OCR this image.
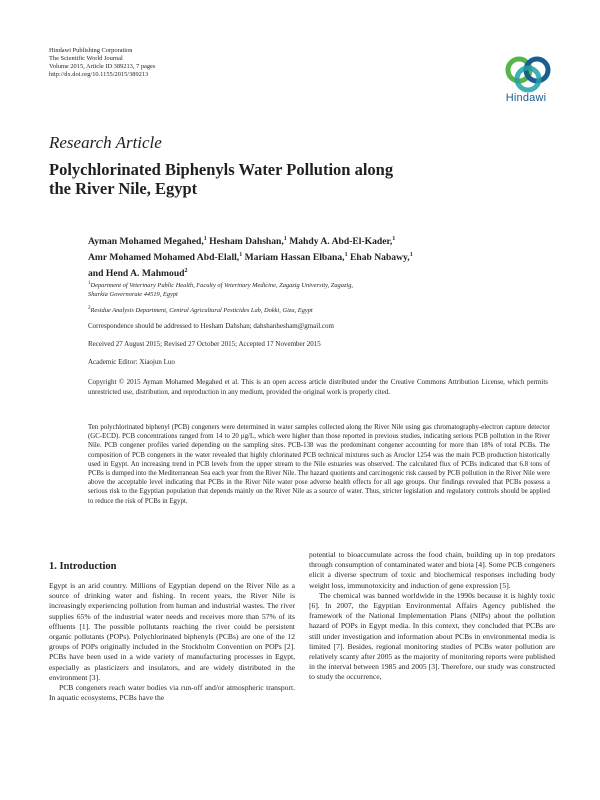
Hindawi Publishing Corporation
The Scientific World Journal
Volume 2015, Article ID 389213, 7 pages
http://dx.doi.org/10.1155/2015/389213
Hindawi
Research Article
Polychlorinated Biphenyls Water Pollution along
the River Nile, Egypt
Ayman Mohamed Megahed,$^1$ Hesham Dahshan,$^1$ Mahdy A. Abd-El-Kader,$^1$
Amr Mohamed Mohamed Abd-Elall,$^1$ Mariam Hassan Elbana,$^1$ Ehab Nabawy,$^1$
and Hend A. Mahmoud$^2$
$^1$Department of Veterinary Public Health, Faculty of Veterinary Medicine, Zagazig University, Zagazig,
Sharkia Governorate 44519, Egypt
$^2$Residue Analysis Department, Central Agricultural Pesticides Lab, Dokki, Giza, Egypt
Correspondence should be addressed to Hesham Dahshan; dahshanhesham@gmail.com
Received 27 August 2015; Revised 27 October 2015; Accepted 17 November 2015
Academic Editor: Xiaojun Luo
Copyright © 2015 Ayman Mohamed Megahed et al. This is an open access article distributed under the Creative Commons Attribution License, which permits unrestricted use, distribution, and reproduction in any medium, provided the original work is properly cited.
Ten polychlorinated biphenyl (PCB) congeners were determined in water samples collected along the River Nile using gas chromatography-electron capture detector (GC-ECD). PCB concentrations ranged from 14 to 20 μg/L, which were higher than those reported in previous studies, indicating serious PCB pollution in the River Nile. PCB congener profiles varied depending on the sampling sites. PCB-138 was the predominant congener accounting for more than 18% of total PCBs. The composition of PCB congeners in the water revealed that highly chlorinated PCB technical mixtures such as Aroclor 1254 was the main PCB production historically used in Egypt. An increasing trend in PCB levels from the upper stream to the Nile estuaries was observed. The calculated flux of PCBs indicated that 6.8 tons of PCBs is dumped into the Mediterranean Sea each year from the River Nile. The hazard quotients and carcinogenic risk caused by PCB pollution in the River Nile were above the acceptable level indicating that PCBs in the River Nile water pose adverse health effects for all age groups. Our findings revealed that PCBs possess a serious risk to the Egyptian population that depends mainly on the River Nile as a source of water. Thus, stricter legislation and regulatory controls should be applied to reduce the risk of PCBs in Egypt.
1. Introduction

Egypt is an arid country. Millions of Egyptian depend on the River Nile as a source of drinking water and fishing. In recent years, the River Nile is increasingly experiencing pollution from human and industrial wastes. The river supplies 65% of the industrial water needs and receives more than 57% of its effluents [1]. The possible pollutants reaching the river could be persistent organic pollutants (POPs). Polychlorinated biphenyls (PCBs) are one of the 12 groups of POPs originally included in the Stockholm Convention on POPs [2]. PCBs have been used in a wide variety of manufacturing processes in Egypt, especially as plasticizers and insulators, and are widely distributed in the environment [3].

PCB congeners reach water bodies via run-off and/or atmospheric transport. In aquatic ecosystems, PCBs have the

potential to bioaccumulate across the food chain, building up in top predators through consumption of contaminated water and biota [4]. Some PCB congeners elicit a diverse spectrum of toxic and biochemical responses including body weight loss, immunotoxicity and induction of gene expression [5].

The chemical was banned worldwide in the 1990s because it is highly toxic [6]. In 2007, the Egyptian Environmental Affairs Agency published the framework of the National Implementation Plans (NIPs) about the pollution hazard of POPs in Egypt media. In this context, they concluded that PCBs are still under investigation and information about PCBs in environmental media is limited [7]. Besides, regional monitoring studies of PCBs water pollution are relatively scanty after 2005 as the majority of monitoring reports were published in the interval between 1985 and 2005 [3]. Therefore, our study was constructed to study the occurrence,
